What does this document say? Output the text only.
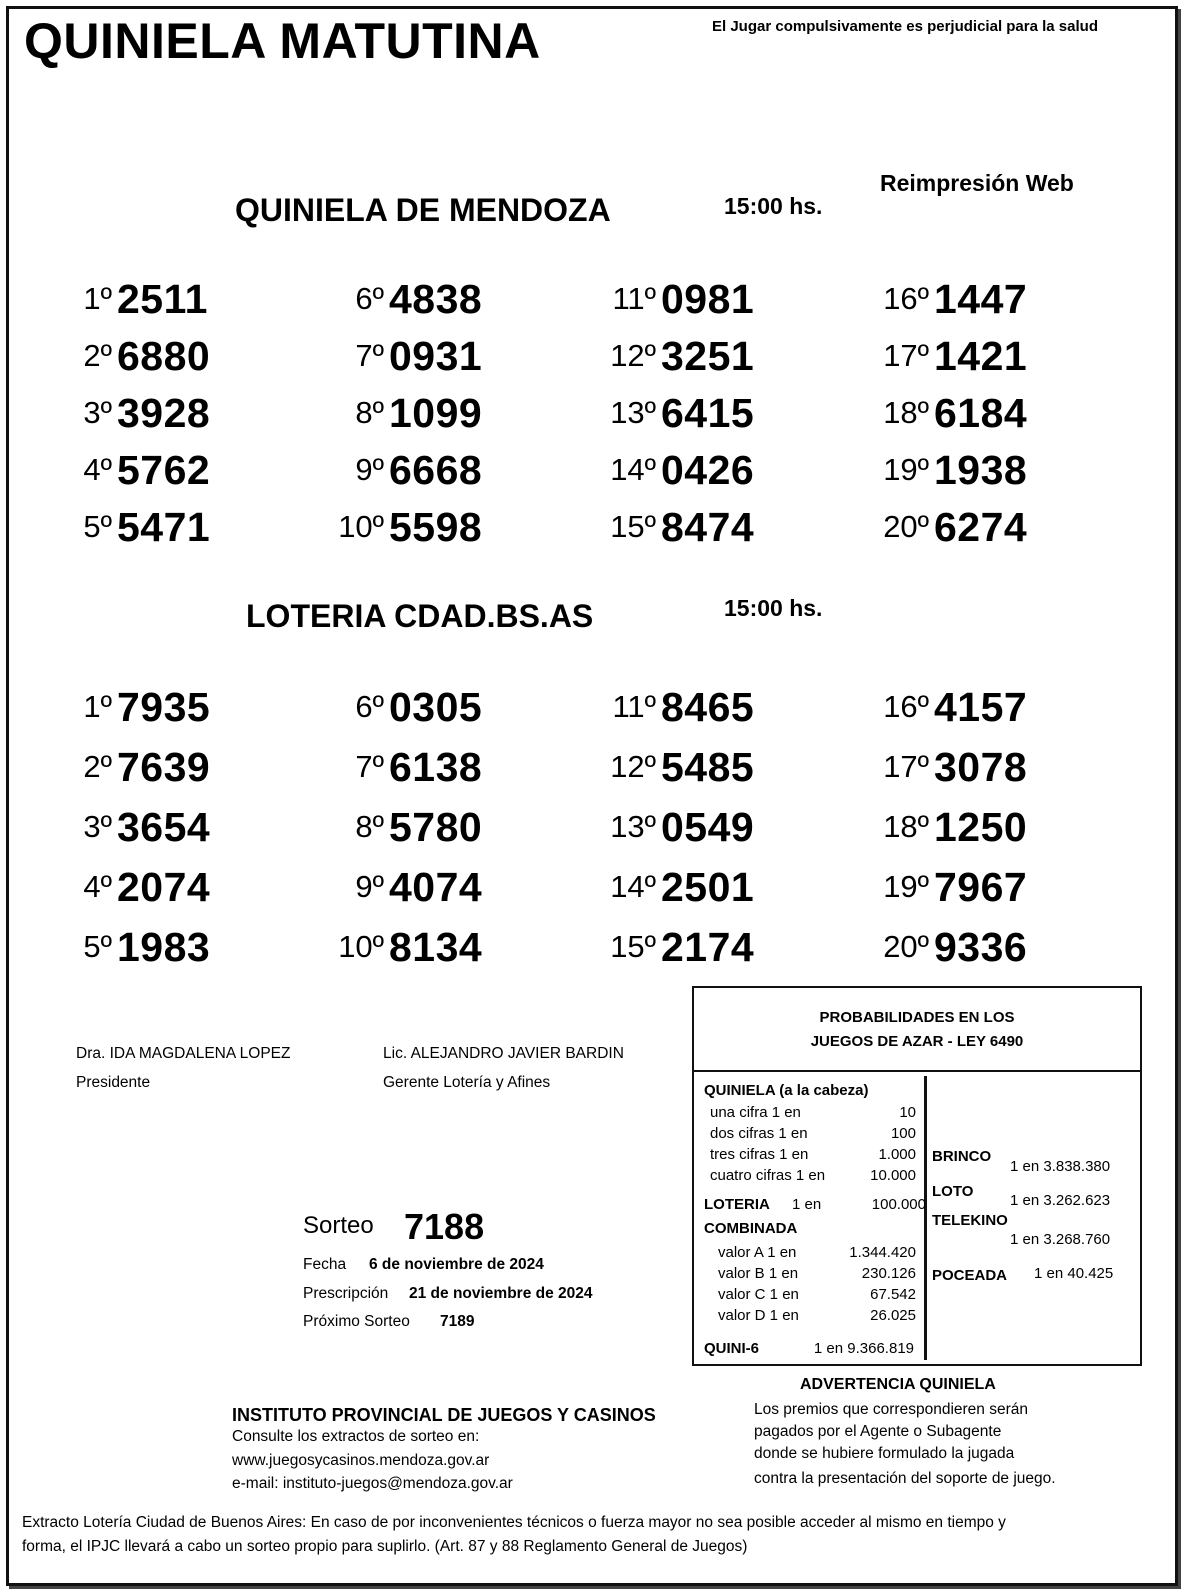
QUINIELA MATUTINA	El Jugar compulsivamente es perjudicial para la salud
Reimpresión Web
QUINIELA DE MENDOZA	15:00 hs.
1º 2511
2º 6880
3º 3928
4º 5762
5º 5471
6º 4838
7º 0931
8º 1099
9º 6668
10º 5598
11º 0981
12º 3251
13º 6415
14º 0426
15º 8474
16º 1447
17º 1421
18º 6184
19º 1938
20º 6274
LOTERIA CDAD.BS.AS	15:00 hs.
1º 7935
2º 7639
3º 3654
4º 2074
5º 1983
6º 0305
7º 6138
8º 5780
9º 4074
10º 8134
11º 8465
12º 5485
13º 0549
14º 2501
15º 2174
16º 4157
17º 3078
18º 1250
19º 7967
20º 9336
Dra. IDA MAGDALENA LOPEZ
Presidente
Lic. ALEJANDRO JAVIER BARDIN
Gerente Lotería y Afines
Sorteo 7188
Fecha 6 de noviembre de 2024
Prescripción 21 de noviembre de 2024
Próximo Sorteo 7189
PROBABILIDADES EN LOS
JUEGOS DE AZAR - LEY 6490
QUINIELA (a la cabeza)
una cifra 1 en	10
dos cifras 1 en	100
tres cifras 1 en	1.000
cuatro cifras 1 en	10.000
LOTERIA 1 en	100.000
COMBINADA
valor A 1 en	1.344.420
valor B 1 en	230.126
valor C 1 en	67.542
valor D 1 en	26.025
QUINI-6	1 en 9.366.819
BRINCO
1 en 3.838.380
LOTO
1 en 3.262.623
TELEKINO
1 en 3.268.760
POCEADA 1 en 40.425
ADVERTENCIA QUINIELA
Los premios que correspondieren serán
pagados por el Agente o Subagente
donde se hubiere formulado la jugada
contra la presentación del soporte de juego.
INSTITUTO PROVINCIAL DE JUEGOS Y CASINOS
Consulte los extractos de sorteo en:
www.juegosycasinos.mendoza.gov.ar
e-mail: instituto-juegos@mendoza.gov.ar
Extracto Lotería Ciudad de Buenos Aires: En caso de por inconvenientes técnicos o fuerza mayor no sea posible acceder al mismo en tiempo y
forma, el IPJC llevará a cabo un sorteo propio para suplirlo. (Art. 87 y 88 Reglamento General de Juegos)
